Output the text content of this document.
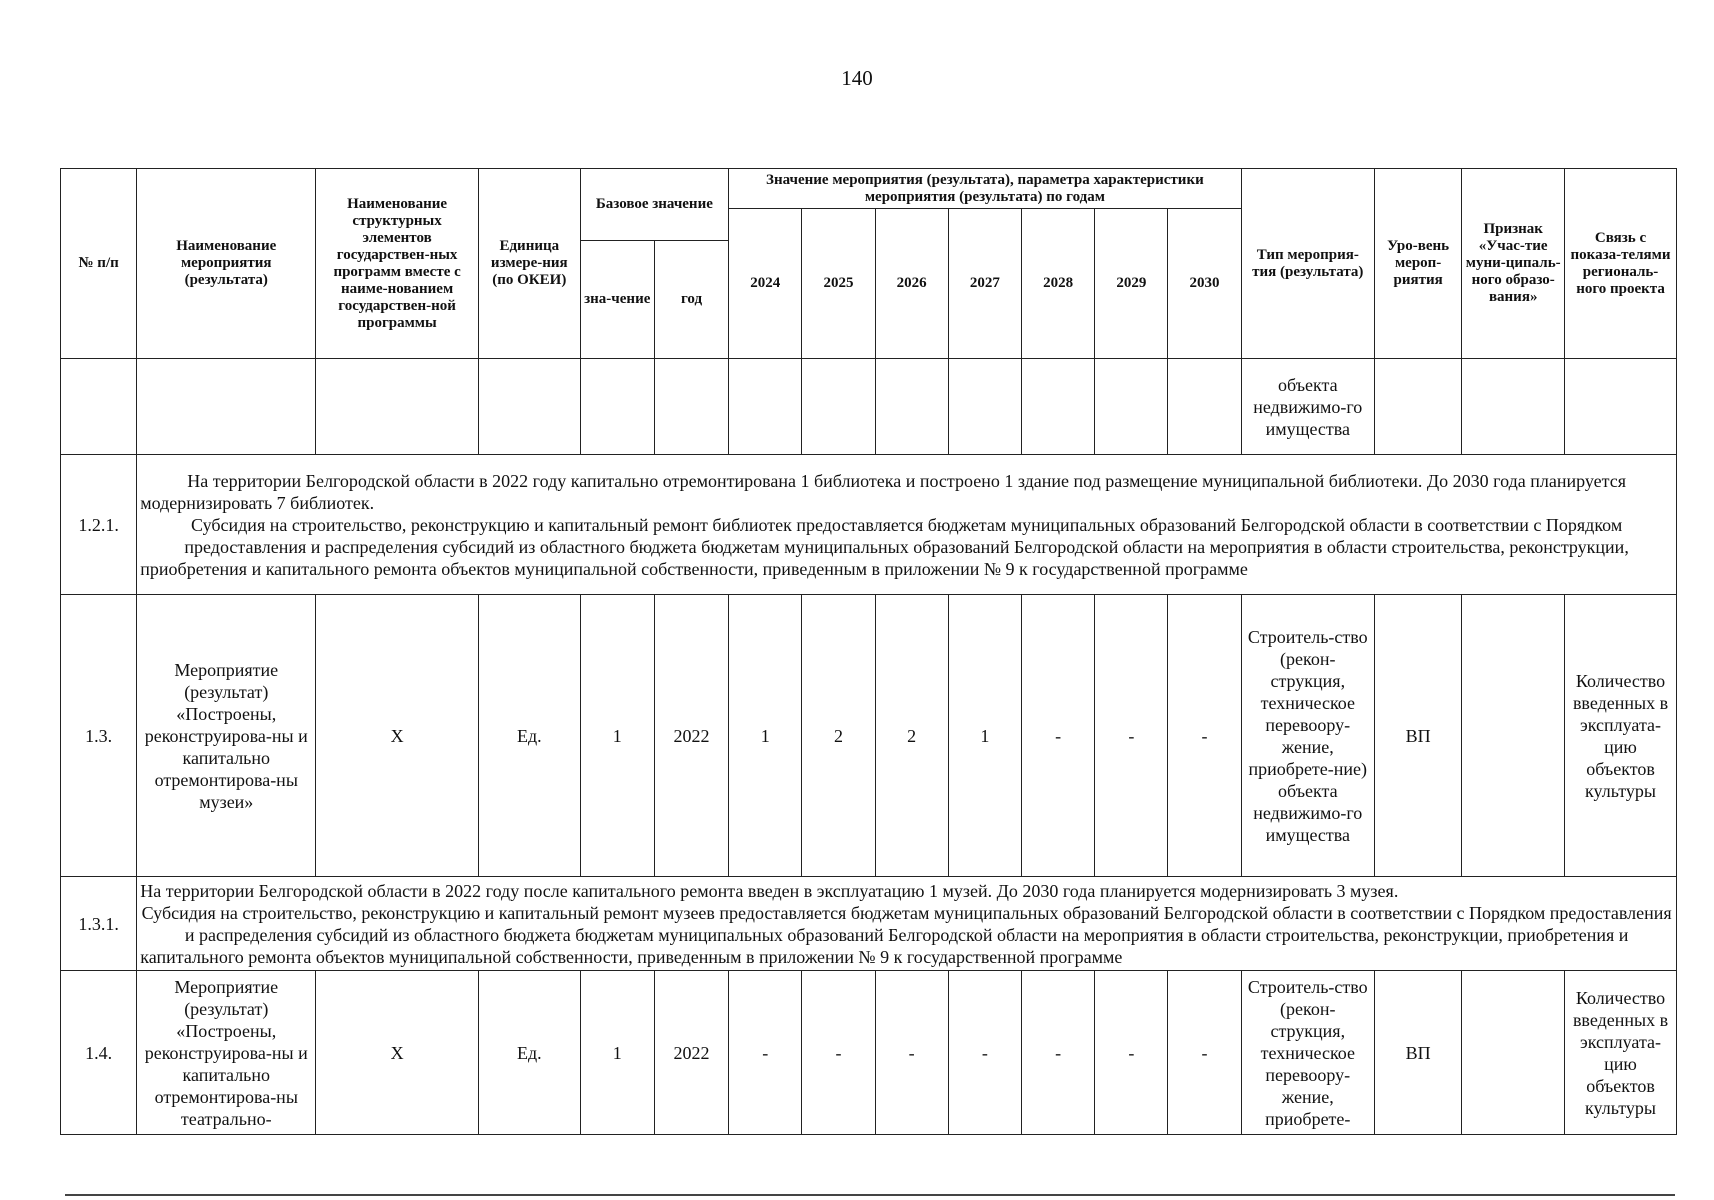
140
№ п/п	Наименование мероприятия (результата)	Наименование структурных элементов государствен-ных программ вместе с наиме-нованием государствен-ной программы	Единица измере-ния (по ОКЕИ)	Базовое значение		Значение мероприятия (результата), параметра характеристики мероприятия (результата) по годам							Тип мероприя-тия (результата)	Уро-вень мероп-риятия	Признак «Учас-тие муни-ципаль-ного образо-вания»	Связь с показа-телями региональ-ного проекта
						2024	2025	2026	2027	2028	2029	2030				
				зна-чение	год											
													объекта недвижимо-го имущества			
1.2.1.	На территории Белгородской области в 2022 году капитально отремонтирована 1 библиотека и построено 1 здание под размещение муниципальной библиотеки. До 2030 года планируется модернизировать 7 библиотек.
Субсидия на строительство, реконструкцию и капитальный ремонт библиотек предоставляется бюджетам муниципальных образований Белгородской области в соответствии с Порядком предоставления и распределения субсидий из областного бюджета бюджетам муниципальных образований Белгородской области на мероприятия в области строительства, реконструкции, приобретения и капитального ремонта объектов муниципальной собственности, приведенным в приложении № 9 к государственной программе															

1.3.	Мероприятие (результат) «Построены, реконструирова-ны и капитально отремонтирова-ны музеи»	Х	Ед.	1	2022	1	2	2	1	-	-	-	Строитель-ство (рекон-струкция, техническое перевоору-жение, приобрете-ние) объекта недвижимо-го имущества	ВП		Количество введенных в эксплуата-цию объектов культуры
1.3.1.	На территории Белгородской области в 2022 году после капитального ремонта введен в эксплуатацию 1 музей. До 2030 года планируется модернизировать 3 музея.
Субсидия на строительство, реконструкцию и капитальный ремонт музеев предоставляется бюджетам муниципальных образований Белгородской области в соответствии с Порядком предоставления и распределения субсидий из областного бюджета бюджетам муниципальных образований Белгородской области на мероприятия в области строительства, реконструкции, приобретения и капитального ремонта объектов муниципальной собственности, приведенным в приложении № 9 к государственной программе															

1.4.	Мероприятие (результат) «Построены, реконструирова-ны и капитально отремонтирова-ны театрально-	Х	Ед.	1	2022	-	-	-	-	-	-	-	Строитель-ство (рекон-струкция, техническое перевоору-жение, приобрете-	ВП		Количество введенных в эксплуата-цию объектов культуры
